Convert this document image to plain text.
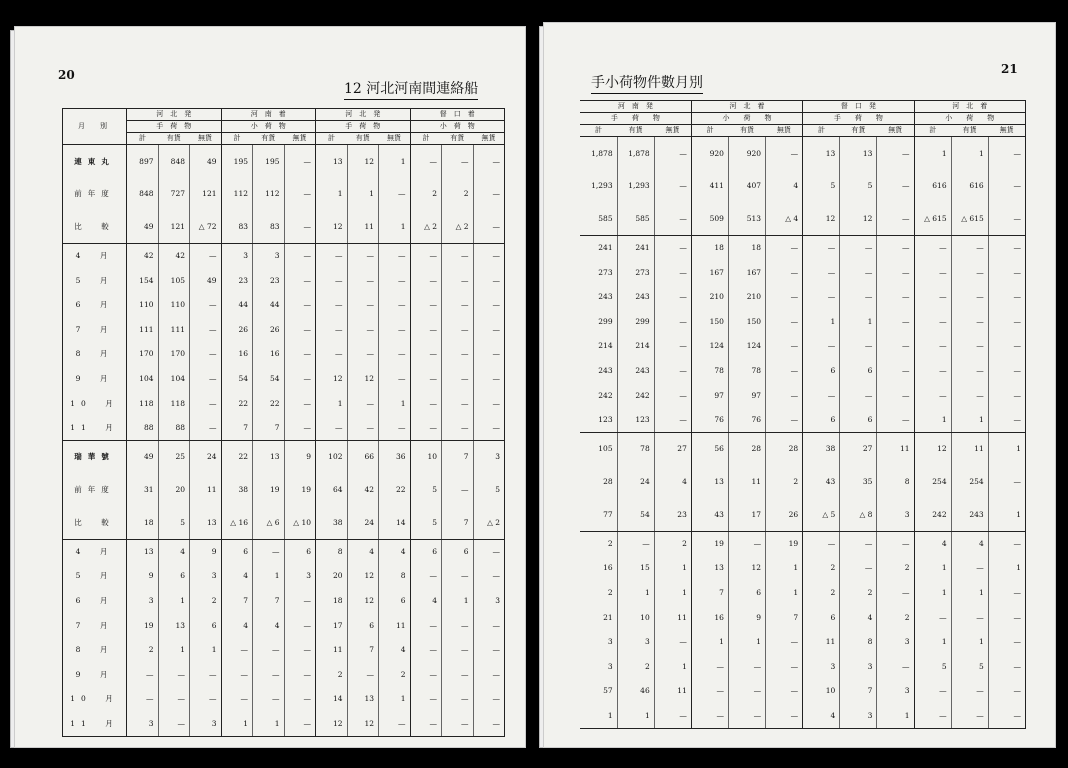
20
12 河北河南間連絡船
月　別	河　北　発			河　南　着			河　北　発			督　口　着		
	手　荷　物			小　荷　物			手　荷　物			小　荷　物		
	計	有貨	無貨	計	有貨	無貨	計	有貨	無貨	計	有貨	無貨
連東丸	897	848	49	195	195	—	13	12	1	—	—	—
前年度	848	727	121	112	112	—	1	1	—	2	2	—
比　較	49	121	△ 72	83	83	—	12	11	1	△ 2	△ 2	—
4　月	42	42	—	3	3	—	—	—	—	—	—	—
5　月	154	105	49	23	23	—	—	—	—	—	—	—
6　月	110	110	—	44	44	—	—	—	—	—	—	—
7　月	111	111	—	26	26	—	—	—	—	—	—	—
8　月	170	170	—	16	16	—	—	—	—	—	—	—
9　月	104	104	—	54	54	—	12	12	—	—	—	—
10　月	118	118	—	22	22	—	1	—	1	—	—	—
11　月	88	88	—	7	7	—	—	—	—	—	—	—
瑞華號	49	25	24	22	13	9	102	66	36	10	7	3
前年度	31	20	11	38	19	19	64	42	22	5	—	5
比　較	18	5	13	△ 16	△ 6	△ 10	38	24	14	5	7	△ 2
4　月	13	4	9	6	—	6	8	4	4	6	6	—
5　月	9	6	3	4	1	3	20	12	8	—	—	—
6　月	3	1	2	7	7	—	18	12	6	4	1	3
7　月	19	13	6	4	4	—	17	6	11	—	—	—
8　月	2	1	1	—	—	—	11	7	4	—	—	—
9　月	—	—	—	—	—	—	2	—	2	—	—	—
10　月	—	—	—	—	—	—	14	13	1	—	—	—
11　月	3	—	3	1	1	—	12	12	—	—	—	—
手小荷物件數月別
21
河　南　発			河　北　着			督　口　発			河　北　着		
手　　荷　　物			小　　荷　　物			手　　荷　　物			小　　荷　　物		
計	有貨	無貨	計	有貨	無貨	計	有貨	無貨	計	有貨	無貨
1,878	1,878	—	920	920	—	13	13	—	1	1	—
1,293	1,293	—	411	407	4	5	5	—	616	616	—
585	585	—	509	513	△ 4	12	12	—	△ 615	△ 615	—
241	241	—	18	18	—	—	—	—	—	—	—
273	273	—	167	167	—	—	—	—	—	—	—
243	243	—	210	210	—	—	—	—	—	—	—
299	299	—	150	150	—	1	1	—	—	—	—
214	214	—	124	124	—	—	—	—	—	—	—
243	243	—	78	78	—	6	6	—	—	—	—
242	242	—	97	97	—	—	—	—	—	—	—
123	123	—	76	76	—	6	6	—	1	1	—
105	78	27	56	28	28	38	27	11	12	11	1
28	24	4	13	11	2	43	35	8	254	254	—
77	54	23	43	17	26	△ 5	△ 8	3	242	243	1
2	—	2	19	—	19	—	—	—	4	4	—
16	15	1	13	12	1	2	—	2	1	—	1
2	1	1	7	6	1	2	2	—	1	1	—
21	10	11	16	9	7	6	4	2	—	—	—
3	3	—	1	1	—	11	8	3	1	1	—
3	2	1	—	—	—	3	3	—	5	5	—
57	46	11	—	—	—	10	7	3	—	—	—
1	1	—	—	—	—	4	3	1	—	—	—
